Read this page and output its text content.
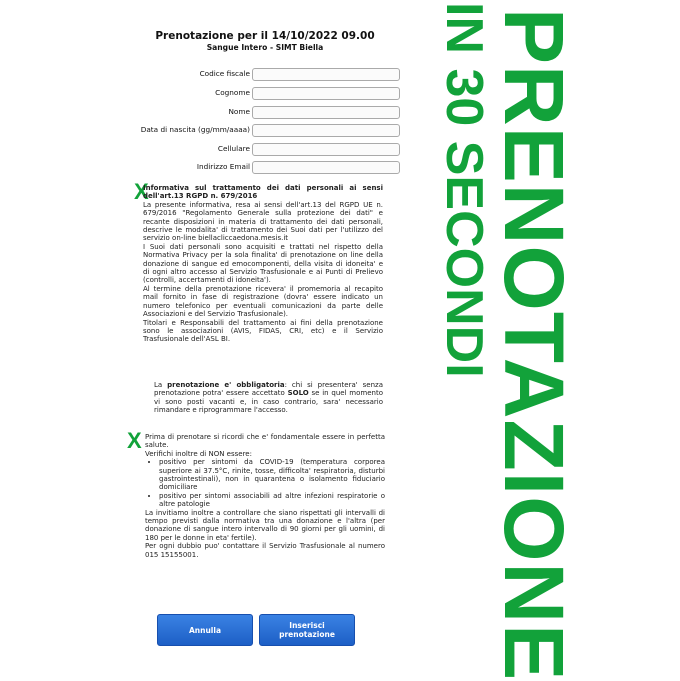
Prenotazione per il 14/10/2022 09.00
Sangue Intero - SIMT Biella
Codice fiscale
Cognome
Nome
Data di nascita (gg/mm/aaaa)
Cellulare
Indirizzo Email
X

Informativa sul trattamento dei dati personali ai sensi dell'art.13 RGPD n. 679/2016

La presente informativa, resa ai sensi dell'art.13 del RGPD UE n. 679/2016 "Regolamento Generale sulla protezione dei dati" e recante disposizioni in materia di trattamento dei dati personali, descrive le modalita' di trattamento dei Suoi dati per l'utilizzo del servizio on-line biellacliccaedona.mesis.it

I Suoi dati personali sono acquisiti e trattati nel rispetto della Normativa Privacy per la sola finalita' di prenotazione on line della donazione di sangue ed emocomponenti, della visita di idoneita' e di ogni altro accesso al Servizio Trasfusionale e ai Punti di Prelievo (controlli, accertamenti di idoneita').

Al termine della prenotazione ricevera' il promemoria al recapito mail fornito in fase di registrazione (dovra' essere indicato un numero telefonico per eventuali comunicazioni da parte delle Associazioni e del Servizio Trasfusionale).

Titolari e Responsabili del trattamento ai fini della prenotazione sono le associazioni (AVIS, FIDAS, CRI, etc) e il Servizio Trasfusionale dell'ASL BI.

La prenotazione e' obbligatoria: chi si presentera' senza prenotazione potra' essere accettato SOLO se in quel momento vi sono posti vacanti e, in caso contrario, sara' necessario rimandare e riprogrammare l'accesso.

X Prima di prenotare si ricordi che e' fondamentale essere in perfetta salute.

Verifichi inoltre di NON essere:

• positivo per sintomi da COVID-19 (temperatura corporea superiore ai 37.5°C, rinite, tosse, difficolta' respiratoria, disturbi gastrointestinali), non in quarantena o isolamento fiduciario domiciliare
• positivo per sintomi associabili ad altre infezioni respiratorie o altre patologie

La invitiamo inoltre a controllare che siano rispettati gli intervalli di tempo previsti dalla normativa tra una donazione e l'altra (per donazione di sangue intero intervallo di 90 giorni per gli uomini, di 180 per le donne in eta' fertile).

Per ogni dubbio puo' contattare il Servizio Trasfusionale al numero 015 15155001.

Annulla	Inserisci prenotazione PRENOTAZIONE
IN 30 SECONDI
